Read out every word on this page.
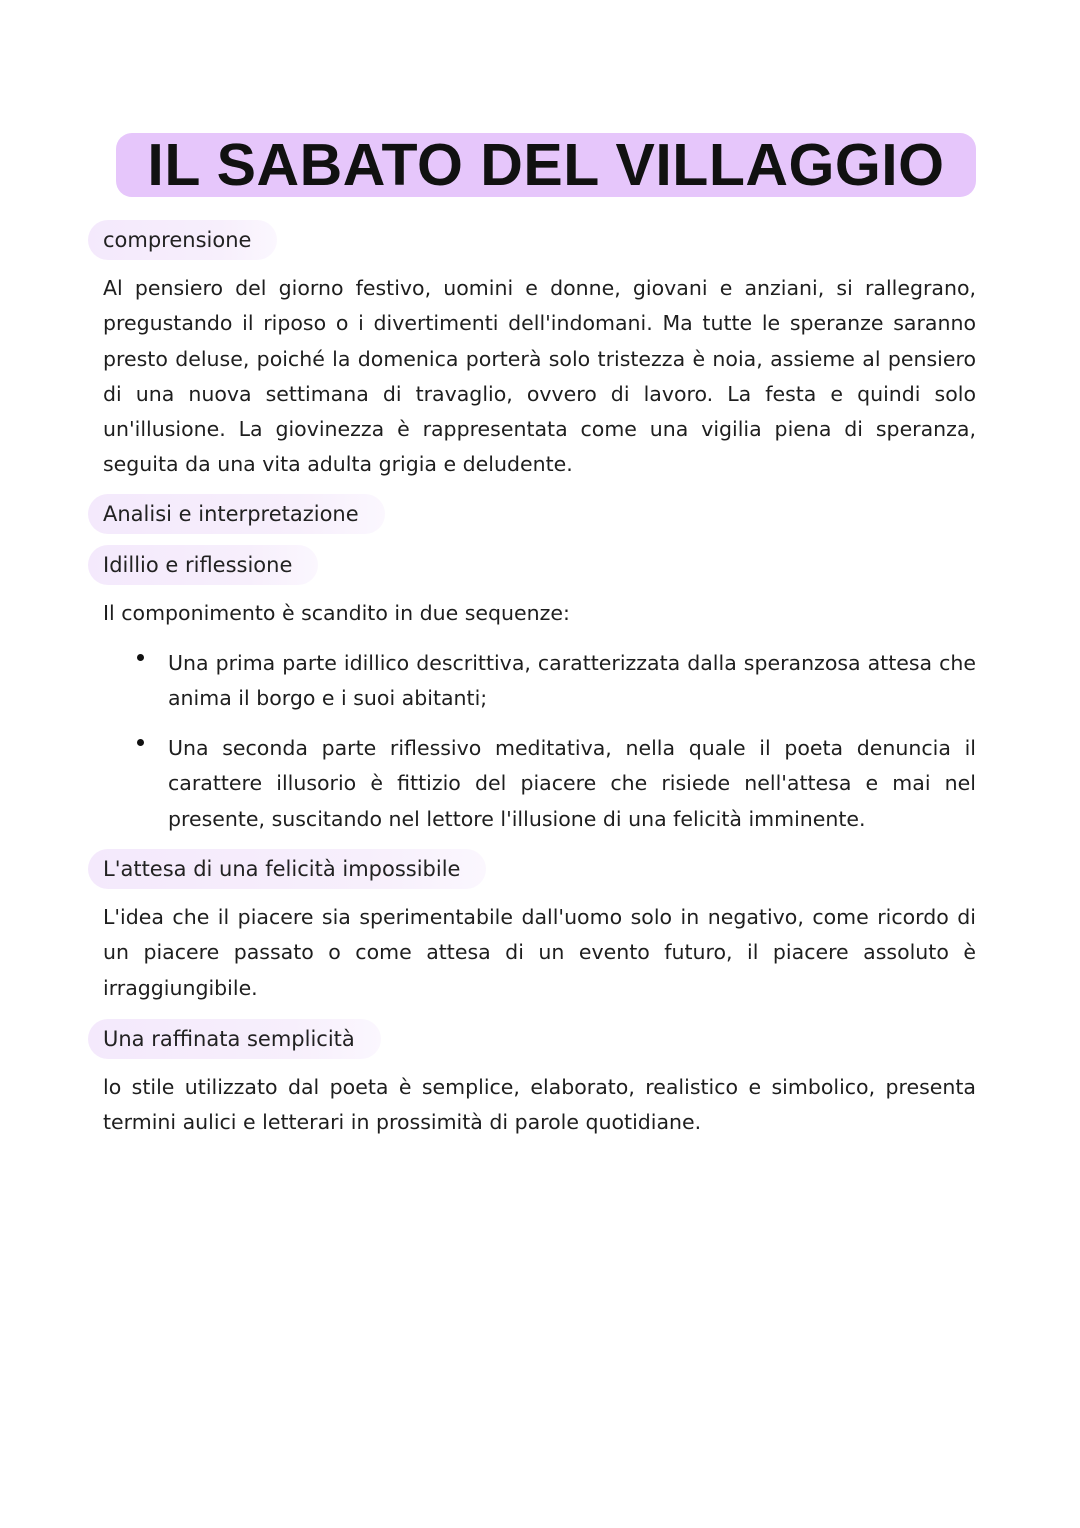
IL SABATO DEL VILLAGGIO
comprensione

Al pensiero del giorno festivo, uomini e donne, giovani e anziani, si rallegrano, pregustando il riposo o i divertimenti dell'indomani. Ma tutte le speranze saranno presto deluse, poiché la domenica porterà solo tristezza è noia, assieme al pensiero di una nuova settimana di travaglio, ovvero di lavoro. La festa e quindi solo un'illusione. La giovinezza è rappresentata come una vigilia piena di speranza, seguita da una vita adulta grigia e deludente.

Analisi e interpretazione
Idillio e riflessione

Il componimento è scandito in due sequenze:

Una prima parte idillico descrittiva, caratterizzata dalla speranzosa attesa che anima il borgo e i suoi abitanti;
Una seconda parte riflessivo meditativa, nella quale il poeta denuncia il carattere illusorio è fittizio del piacere che risiede nell'attesa e mai nel presente, suscitando nel lettore l'illusione di una felicità imminente.
L'attesa di una felicità impossibile

L'idea che il piacere sia sperimentabile dall'uomo solo in negativo, come ricordo di un piacere passato o come attesa di un evento futuro, il piacere assoluto è irraggiungibile.

Una raffinata semplicità

lo stile utilizzato dal poeta è semplice, elaborato, realistico e simbolico, presenta termini aulici e letterari in prossimità di parole quotidiane.
